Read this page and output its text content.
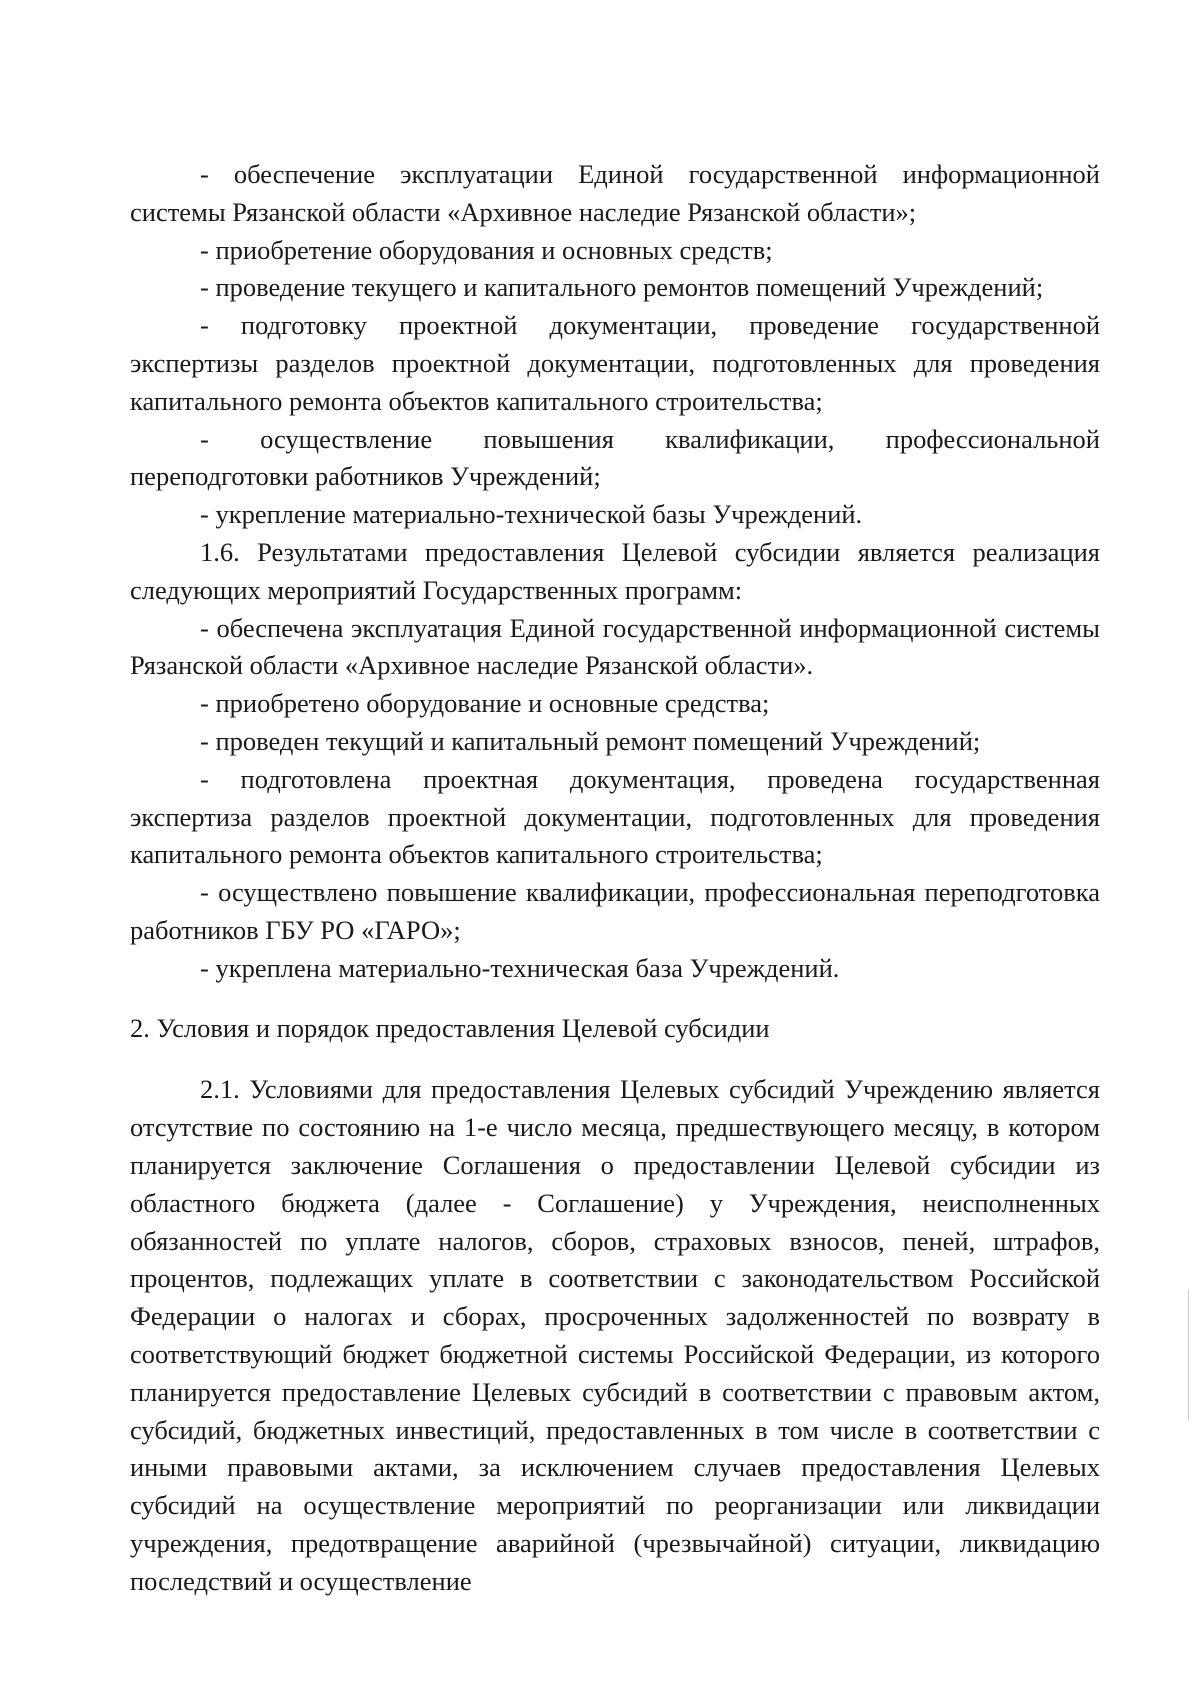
- обеспечение эксплуатации Единой государственной информационной системы Рязанской области «Архивное наследие Рязанской области»;

- приобретение оборудования и основных средств;

- проведение текущего и капитального ремонтов помещений Учреждений;

- подготовку проектной документации, проведение государственной экспертизы разделов проектной документации, подготовленных для проведения капитального ремонта объектов капитального строительства;

- осуществление повышения квалификации, профессиональной переподготовки работников Учреждений;

- укрепление материально-технической базы Учреждений.

1.6. Результатами предоставления Целевой субсидии является реализация следующих мероприятий Государственных программ:

- обеспечена эксплуатация Единой государственной информационной системы Рязанской области «Архивное наследие Рязанской области».

- приобретено оборудование и основные средства;

- проведен текущий и капитальный ремонт помещений Учреждений;

- подготовлена проектная документация, проведена государственная экспертиза разделов проектной документации, подготовленных для проведения капитального ремонта объектов капитального строительства;

- осуществлено повышение квалификации, профессиональная переподготовка работников ГБУ РО «ГАРО»;

- укреплена материально-техническая база Учреждений.

2. Условия и порядок предоставления Целевой субсидии

2.1. Условиями для предоставления Целевых субсидий Учреждению является отсутствие по состоянию на 1-е число месяца, предшествующего месяцу, в котором планируется заключение Соглашения о предоставлении Целевой субсидии из областного бюджета (далее - Соглашение) у Учреждения, неисполненных обязанностей по уплате налогов, сборов, страховых взносов, пеней, штрафов, процентов, подлежащих уплате в соответствии с законодательством Российской Федерации о налогах и сборах, просроченных задолженностей по возврату в соответствующий бюджет бюджетной системы Российской Федерации, из которого планируется предоставление Целевых субсидий в соответствии с правовым актом, субсидий, бюджетных инвестиций, предоставленных в том числе в соответствии с иными правовыми актами, за исключением случаев предоставления Целевых субсидий на осуществление мероприятий по реорганизации или ликвидации учреждения, предотвращение аварийной (чрезвычайной) ситуации, ликвидацию последствий и осуществление
